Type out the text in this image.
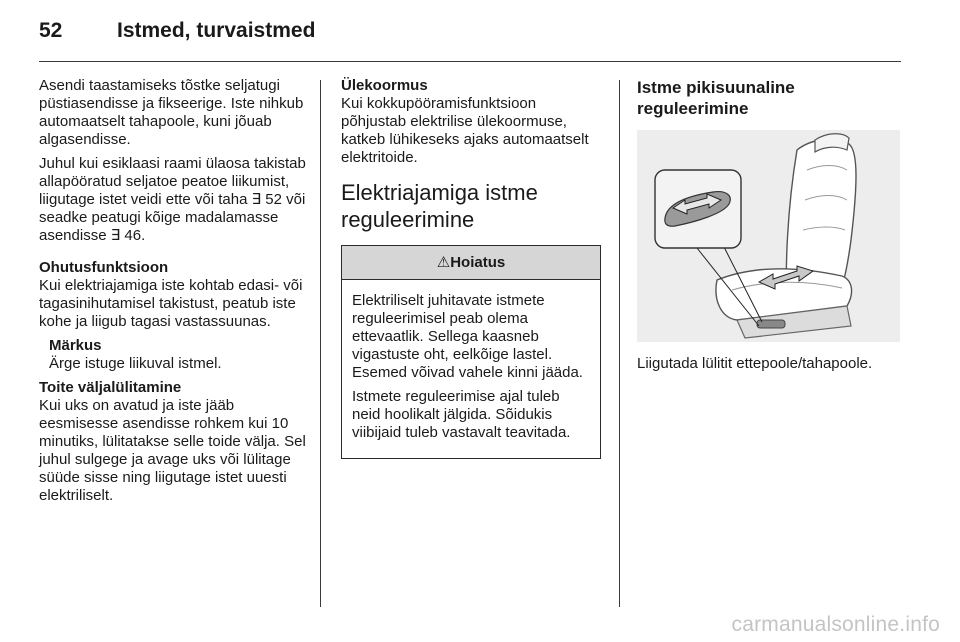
52	Istmed, turvaistmed

Asendi taastamiseks tõstke seljatugi püstiasendisse ja fikseerige. Iste nihkub automaatselt tahapoole, kuni jõuab algasendisse.

Juhul kui esiklaasi raami ülaosa takistab allapööratud seljatoe peatoe liikumist, liigutage istet veidi ette või taha ∃ 52 või seadke peatugi kõige madalamasse asendisse ∃ 46.

Ohutusfunktsioon

Kui elektriajamiga iste kohtab edasi- või tagasinihutamisel takistust, peatub iste kohe ja liigub tagasi vastassuunas.

Märkus

Ärge istuge liikuval istmel.

Toite väljalülitamine

Kui uks on avatud ja iste jääb eesmisesse asendisse rohkem kui 10 minutiks, lülitatakse selle toide välja. Sel juhul sulgege ja avage uks või lülitage süüde sisse ning liigutage istet uuesti elektriliselt.

Ülekoormus

Kui kokkupööramisfunktsioon põhjustab elektrilise ülekoormuse, katkeb lühikeseks ajaks automaatselt elektritoide.

Elektriajamiga istme reguleerimine
⚠Hoiatus

Elektriliselt juhitavate istmete reguleerimisel peab olema ettevaatlik. Sellega kaasneb vigastuste oht, eelkõige lastel. Esemed võivad vahele kinni jääda.

Istmete reguleerimise ajal tuleb neid hoolikalt jälgida. Sõidukis viibijaid tuleb vastavalt teavitada.

Istme pikisuunaline reguleerimine

Liigutada lülitit ettepoole/tahapoole.

carmanualsonline.info
